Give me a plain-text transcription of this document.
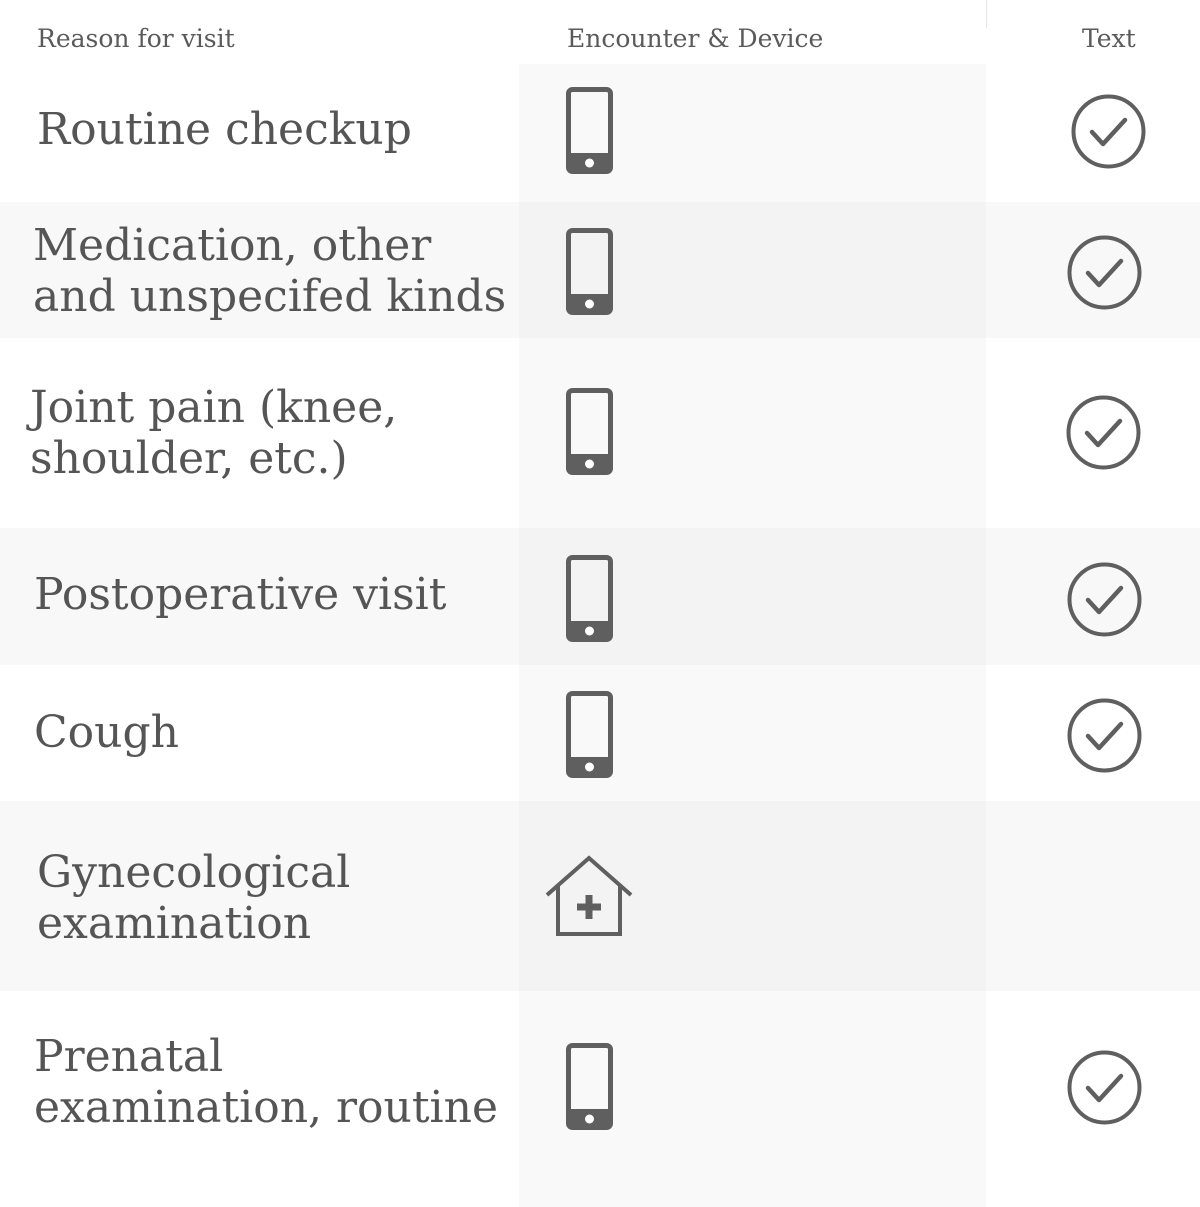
Reason for visit	Encounter & Device	Text
Routine checkup
Medication, other
and unspecifed kinds
Joint pain (knee,
shoulder, etc.)
Postoperative visit
Cough
Gynecological
examination
Prenatal
examination, routine
